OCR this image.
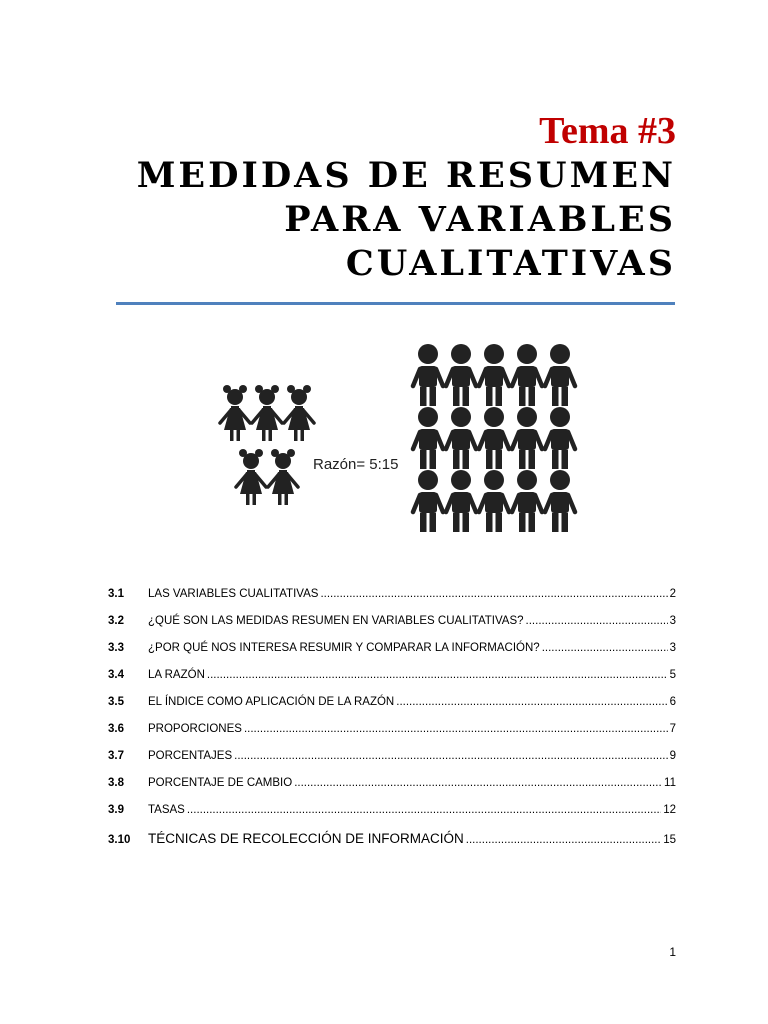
Tema #3
MEDIDAS DE RESUMEN
PARA VARIABLES
CUALITATIVAS
Razón= 5:15
3.1	LAS VARIABLES CUALITATIVAS .....	2
3.2	¿QUÉ SON LAS MEDIDAS RESUMEN EN VARIABLES CUALITATIVAS? .....	3
3.3	¿POR QUÉ NOS INTERESA RESUMIR Y COMPARAR LA INFORMACIÓN? .....	3
3.4	LA RAZÓN .....	5
3.5	EL ÍNDICE COMO APLICACIÓN DE LA RAZÓN .....	6
3.6	PROPORCIONES .....	7
3.7	PORCENTAJES .....	9
3.8	PORCENTAJE DE CAMBIO .....	11
3.9	TASAS .....	12
3.10	TÉCNICAS DE RECOLECCIÓN DE INFORMACIÓN .....	15
1
